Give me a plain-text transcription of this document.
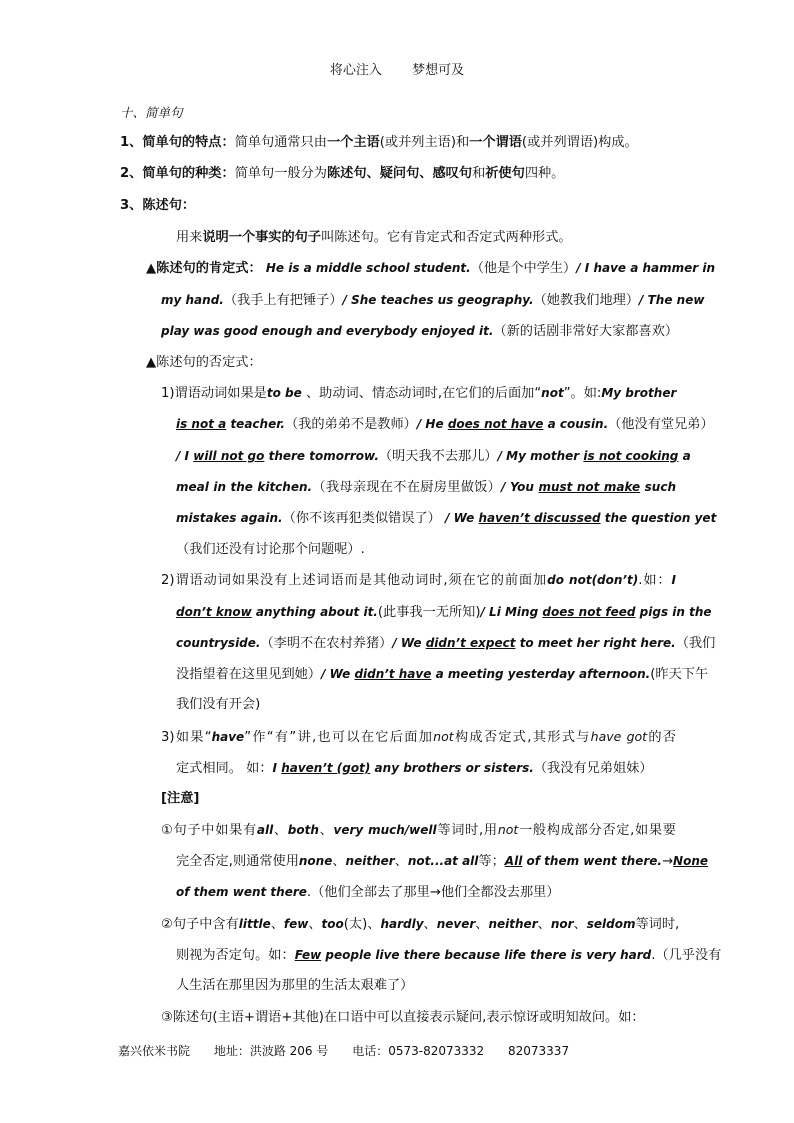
将心注入 梦想可及
十、简单句
1、简单句的特点：简单句通常只由一个主语(或并列主语)和一个谓语(或并列谓语)构成。
2、简单句的种类：简单句一般分为陈述句、疑问句、感叹句和祈使句四种。
3、陈述句：
用来说明一个事实的句子叫陈述句。它有肯定式和否定式两种形式。
▲陈述句的肯定式： He is a middle school student.（他是个中学生）/ I have a hammer in
my hand.（我手上有把锤子）/ She teaches us geography.（她教我们地理）/ The new
play was good enough and everybody enjoyed it.（新的话剧非常好大家都喜欢）
▲陈述句的否定式：
1)谓语动词如果是to be 、助动词、情态动词时,在它们的后面加“not”。如:My brother
is not a teacher.（我的弟弟不是教师）/ He does not have a cousin.（他没有堂兄弟）
/ I will not go there tomorrow.（明天我不去那儿）/ My mother is not cooking a
meal in the kitchen.（我母亲现在不在厨房里做饭）/ You must not make such
mistakes again.（你不该再犯类似错误了） / We haven’t discussed the question yet
（我们还没有讨论那个问题呢）.
2)谓语动词如果没有上述词语而是其他动词时,须在它的前面加do not(don’t).如：I
don’t know anything about it.(此事我一无所知)/ Li Ming does not feed pigs in the
countryside.（李明不在农村养猪）/ We didn’t expect to meet her right here.（我们
没指望着在这里见到她）/ We didn’t have a meeting yesterday afternoon.(昨天下午
我们没有开会)
3)如果“have”作“有”讲,也可以在它后面加not构成否定式,其形式与have got的否
定式相同。 如：I haven’t (got) any brothers or sisters.（我没有兄弟姐妹）
[注意]
①句子中如果有all、both、very much/well等词时,用not一般构成部分否定,如果要
完全否定,则通常使用none、neither、not...at all等；All of them went there.→None
of them went there.（他们全部去了那里→他们全都没去那里）
②句子中含有little、few、too(太)、hardly、never、neither、nor、seldom等词时,
则视为否定句。如：Few people live there because life there is very hard.（几乎没有
人生活在那里因为那里的生活太艰难了）
③陈述句(主语+谓语+其他)在口语中可以直接表示疑问,表示惊讶或明知故问。如：
嘉兴依米书院 地址：洪波路 206 号 电话：0573-82073332 82073337
